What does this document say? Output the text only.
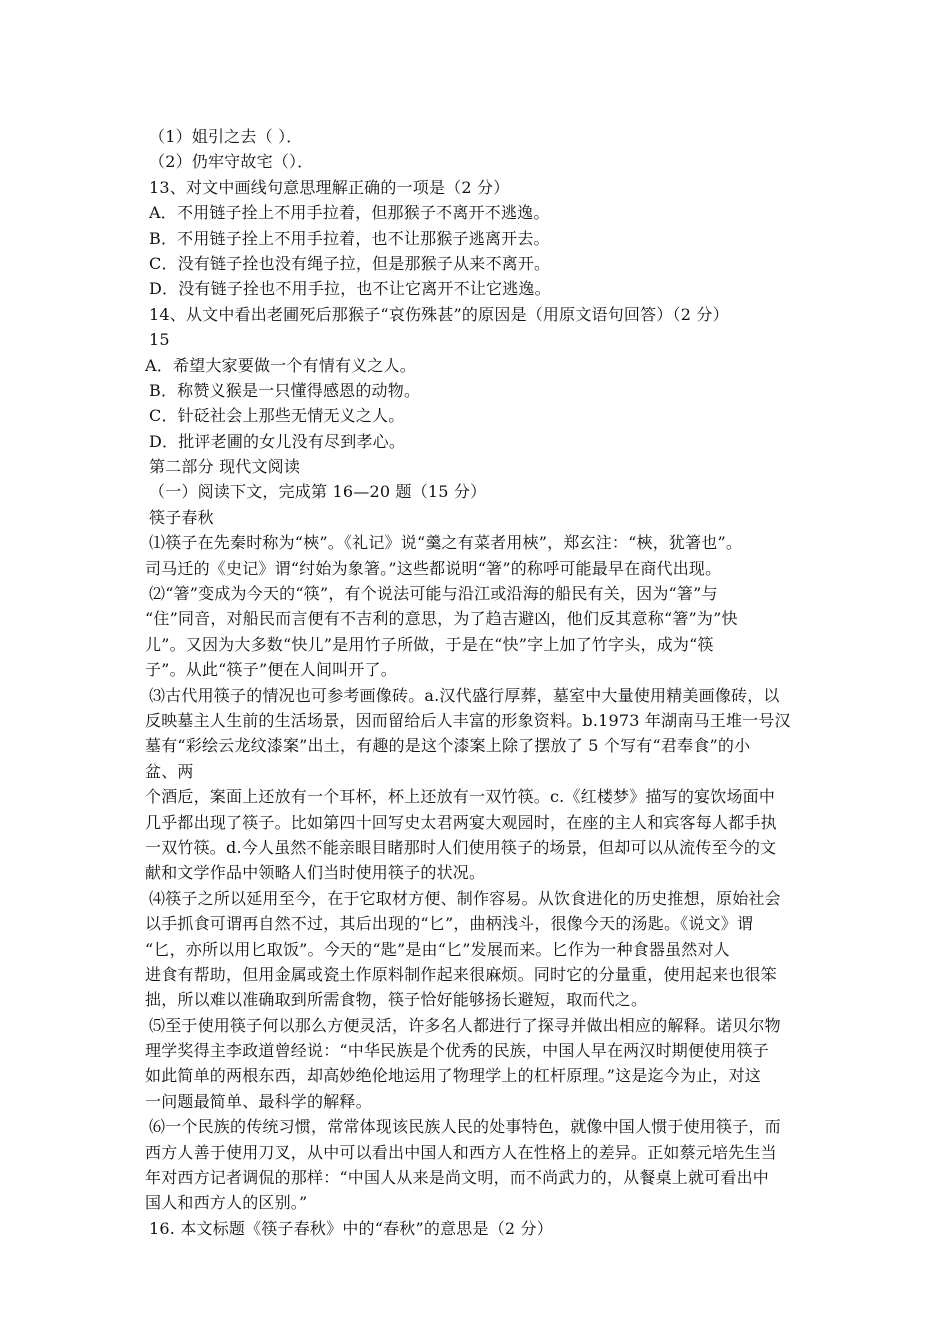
（1）姐引之去（ ）．
（2）仍牢守故宅（）．
13、对文中画线句意思理解正确的一项是（2 分）
A．不用链子拴上不用手拉着，但那猴子不离开不逃逸。
B．不用链子拴上不用手拉着，也不让那猴子逃离开去。
C．没有链子拴也没有绳子拉，但是那猴子从来不离开。
D．没有链子拴也不用手拉，也不让它离开不让它逃逸。
14、从文中看出老圃死后那猴子“哀伤殊甚”的原因是（用原文语句回答）（2 分）
15
A．希望大家要做一个有情有义之人。
B．称赞义猴是一只懂得感恩的动物。
C．针砭社会上那些无情无义之人。
D．批评老圃的女儿没有尽到孝心。
第二部分 现代文阅读
（一）阅读下文，完成第 16—20 题（15 分）
筷子春秋
⑴筷子在先秦时称为“梜”。《礼记》说“羹之有菜者用梜”，郑玄注：“梜，犹箸也”。
司马迁的《史记》谓“纣始为象箸。”这些都说明“箸”的称呼可能最早在商代出现。
⑵“箸”变成为今天的“筷”，有个说法可能与沿江或沿海的船民有关，因为“箸”与
“住”同音，对船民而言便有不吉利的意思，为了趋吉避凶，他们反其意称“箸”为”快
儿”。又因为大多数“快儿”是用竹子所做，于是在“快”字上加了竹字头，成为“筷
子”。从此“筷子”便在人间叫开了。
⑶古代用筷子的情况也可参考画像砖。a.汉代盛行厚葬，墓室中大量使用精美画像砖，以
反映墓主人生前的生活场景，因而留给后人丰富的形象资料。b.1973 年湖南马王堆一号汉
墓有“彩绘云龙纹漆案”出土，有趣的是这个漆案上除了摆放了 5 个写有“君奉食”的小
盆、两
个酒卮，案面上还放有一个耳杯，杯上还放有一双竹筷。c.《红楼梦》描写的宴饮场面中
几乎都出现了筷子。比如第四十回写史太君两宴大观园时，在座的主人和宾客每人都手执
一双竹筷。d.今人虽然不能亲眼目睹那时人们使用筷子的场景，但却可以从流传至今的文
献和文学作品中领略人们当时使用筷子的状况。
⑷筷子之所以延用至今，在于它取材方便、制作容易。从饮食进化的历史推想，原始社会
以手抓食可谓再自然不过，其后出现的“匕”，曲柄浅斗，很像今天的汤匙。《说文》谓
“匕，亦所以用匕取饭”。今天的“匙”是由“匕”发展而来。匕作为一种食器虽然对人
进食有帮助，但用金属或瓷土作原料制作起来很麻烦。同时它的分量重，使用起来也很笨
拙，所以难以准确取到所需食物，筷子恰好能够扬长避短，取而代之。
⑸至于使用筷子何以那么方便灵活，许多名人都进行了探寻并做出相应的解释。诺贝尔物
理学奖得主李政道曾经说：“中华民族是个优秀的民族，中国人早在两汉时期便使用筷子
如此简单的两根东西，却高妙绝伦地运用了物理学上的杠杆原理。”这是迄今为止，对这
一问题最简单、最科学的解释。
⑹一个民族的传统习惯，常常体现该民族人民的处事特色，就像中国人惯于使用筷子，而
西方人善于使用刀叉，从中可以看出中国人和西方人在性格上的差异。正如蔡元培先生当
年对西方记者调侃的那样：“中国人从来是尚文明，而不尚武力的，从餐桌上就可看出中
国人和西方人的区别。”
16. 本文标题《筷子春秋》中的“春秋”的意思是（2 分）
